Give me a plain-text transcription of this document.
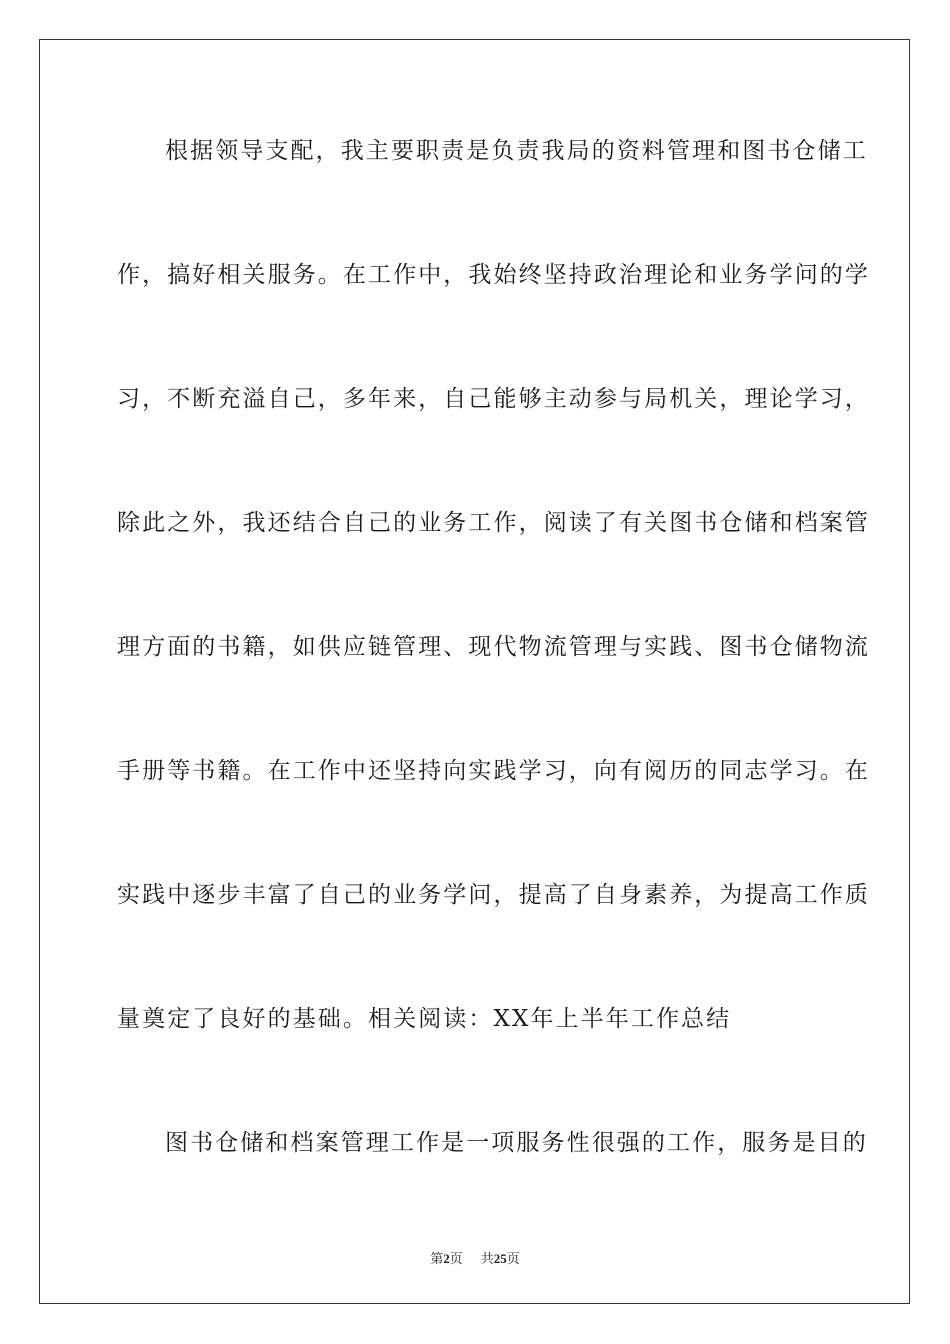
根据领导支配，我主要职责是负责我局的资料管理和图书仓储工
作，搞好相关服务。在工作中，我始终坚持政治理论和业务学问的学
习，不断充溢自己，多年来，自己能够主动参与局机关，理论学习，
除此之外，我还结合自己的业务工作，阅读了有关图书仓储和档案管
理方面的书籍，如供应链管理、现代物流管理与实践、图书仓储物流
手册等书籍。在工作中还坚持向实践学习，向有阅历的同志学习。在
实践中逐步丰富了自己的业务学问，提高了自身素养，为提高工作质
量奠定了良好的基础。相关阅读：XX年上半年工作总结
图书仓储和档案管理工作是一项服务性很强的工作，服务是目的
第2页 共25页
